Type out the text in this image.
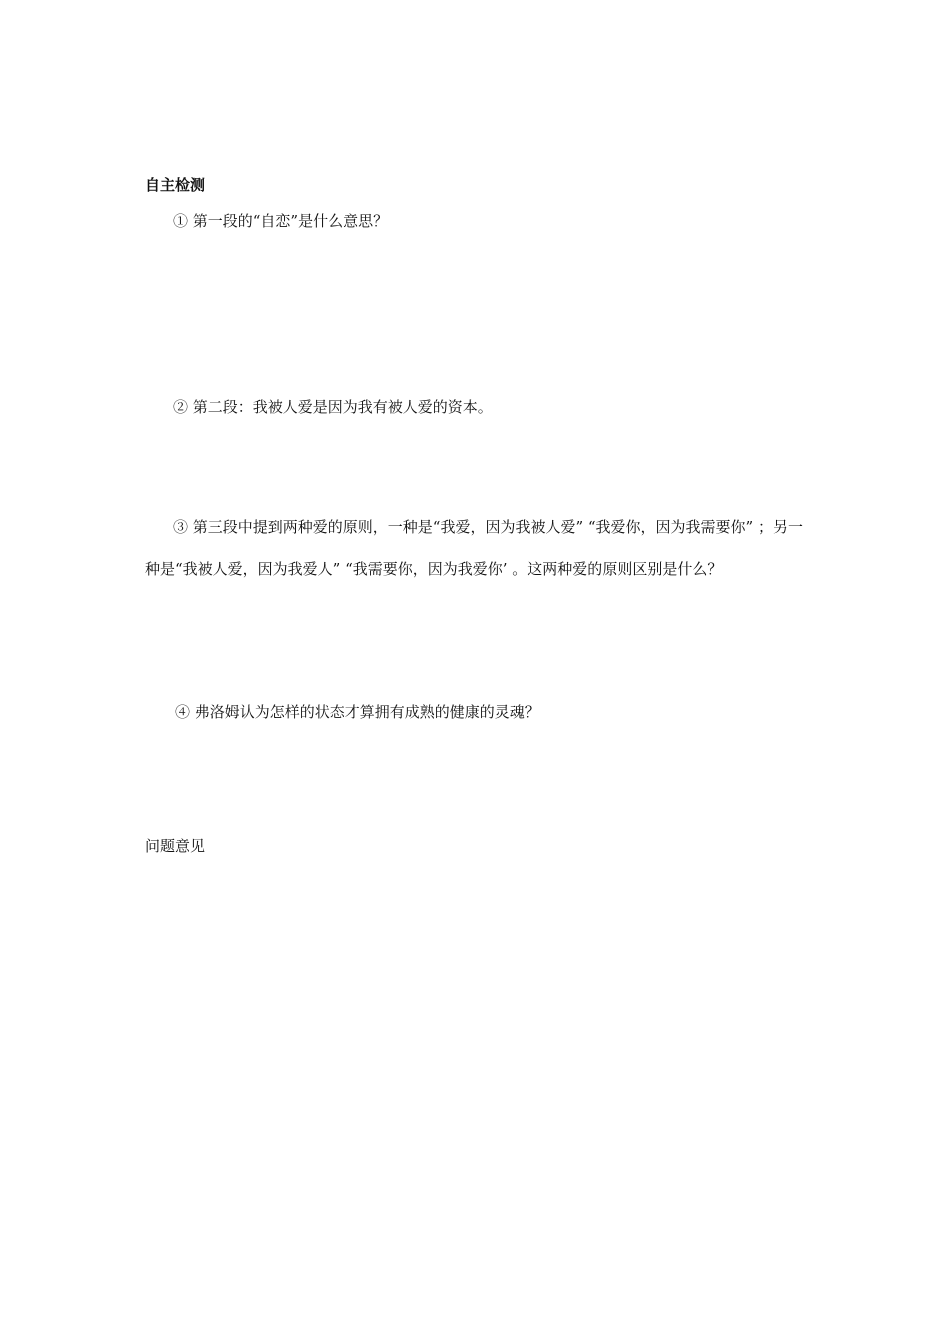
自主检测

① 第一段的“自恋”是什么意思？

② 第二段：我被人爱是因为我有被人爱的资本。

③ 第三段中提到两种爱的原则，一种是“我爱，因为我被人爱” “我爱你，因为我需要你” ；另一种是“我被人爱，因为我爱人” “我需要你，因为我爱你’ 。这两种爱的原则区别是什么？

④ 弗洛姆认为怎样的状态才算拥有成熟的健康的灵魂？

问题意见
